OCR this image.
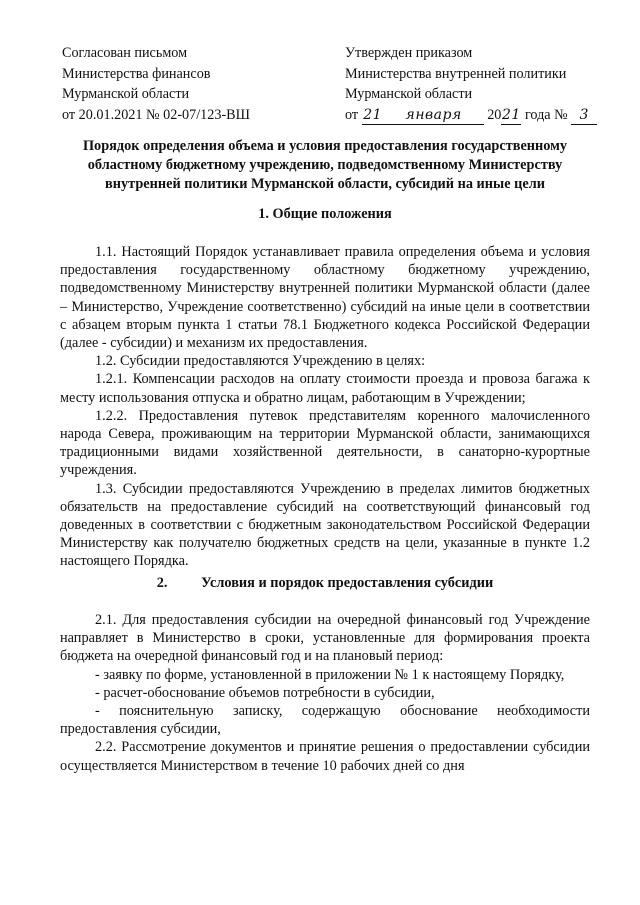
Согласован письмом
Министерства финансов
Мурманской области
от 20.01.2021 № 02-07/123-ВШ
Утвержден приказом
Министерства внутренней политики
Мурманской области
от 21 января 2021 года № 3
Порядок определения объема и условия предоставления государственному областному бюджетному учреждению, подведомственному Министерству внутренней политики Мурманской области, субсидий на иные цели
1. Общие положения

1.1. Настоящий Порядок устанавливает правила определения объема и условия предоставления государственному областному бюджетному учреждению, подведомственному Министерству внутренней политики Мурманской области (далее – Министерство, Учреждение соответственно) субсидий на иные цели в соответствии с абзацем вторым пункта 1 статьи 78.1 Бюджетного кодекса Российской Федерации (далее - субсидии) и механизм их предоставления.

1.2. Субсидии предоставляются Учреждению в целях:

1.2.1. Компенсации расходов на оплату стоимости проезда и провоза багажа к месту использования отпуска и обратно лицам, работающим в Учреждении;

1.2.2. Предоставления путевок представителям коренного малочисленного народа Севера, проживающим на территории Мурманской области, занимающихся традиционными видами хозяйственной деятельности, в санаторно-курортные учреждения.

1.3. Субсидии предоставляются Учреждению в пределах лимитов бюджетных обязательств на предоставление субсидий на соответствующий финансовый год доведенных в соответствии с бюджетным законодательством Российской Федерации Министерству как получателю бюджетных средств на цели, указанные в пункте 1.2 настоящего Порядка.

2. Условия и порядок предоставления субсидии

2.1. Для предоставления субсидии на очередной финансовый год Учреждение направляет в Министерство в сроки, установленные для формирования проекта бюджета на очередной финансовый год и на плановый период:

- заявку по форме, установленной в приложении № 1 к настоящему Порядку,

- расчет-обоснование объемов потребности в субсидии,

- пояснительную записку, содержащую обоснование необходимости предоставления субсидии,

2.2. Рассмотрение документов и принятие решения о предоставлении субсидии осуществляется Министерством в течение 10 рабочих дней со дня
